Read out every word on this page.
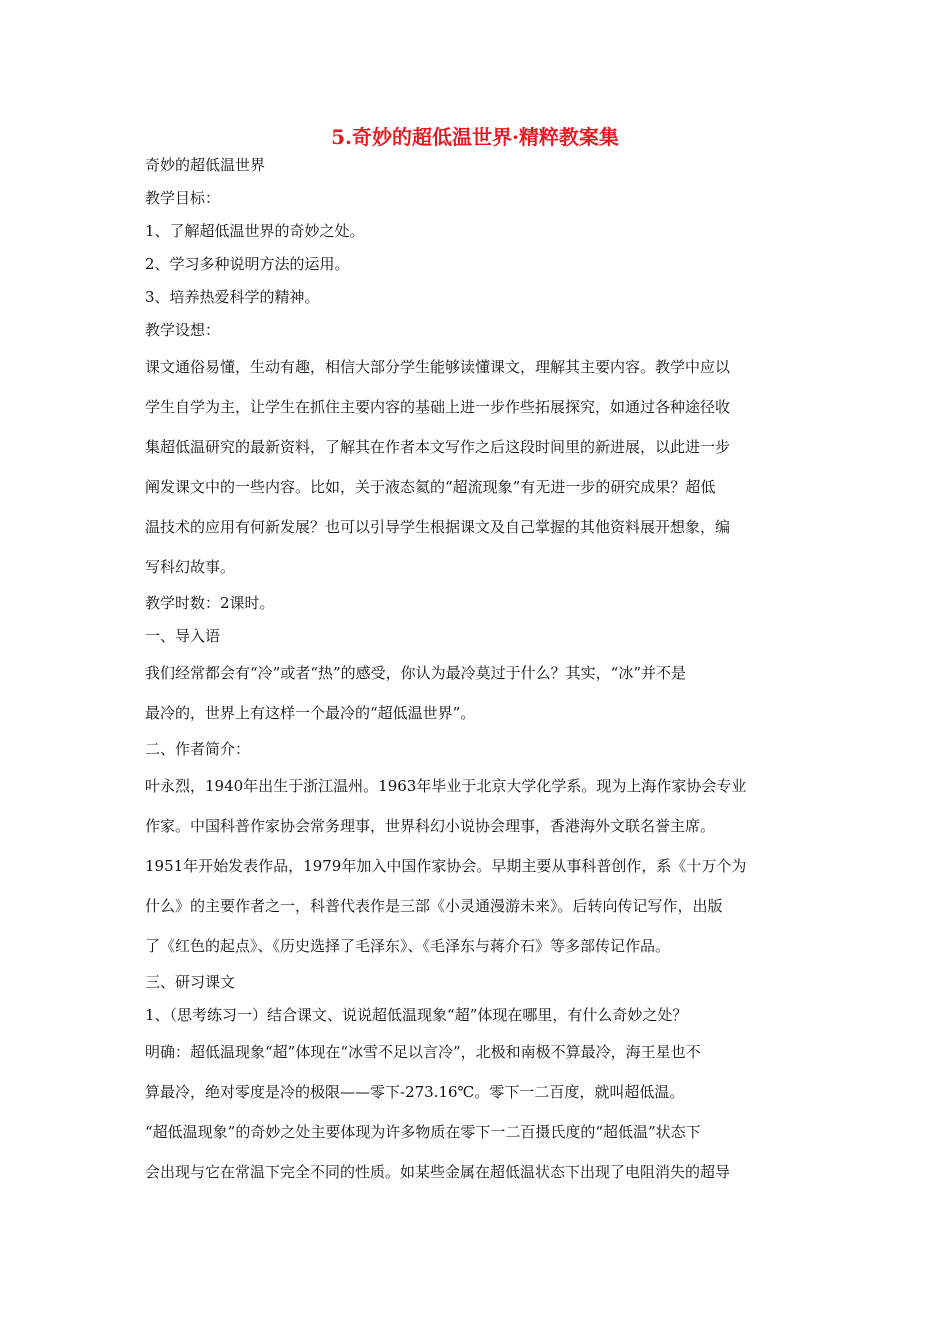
5.奇妙的超低温世界·精粹教案集

奇妙的超低温世界

教学目标：

1、了解超低温世界的奇妙之处。

2、学习多种说明方法的运用。

3、培养热爱科学的精神。

教学设想：

课文通俗易懂，生动有趣，相信大部分学生能够读懂课文，理解其主要内容。教学中应以

学生自学为主，让学生在抓住主要内容的基础上进一步作些拓展探究，如通过各种途径收

集超低温研究的最新资料，了解其在作者本文写作之后这段时间里的新进展，以此进一步

阐发课文中的一些内容。比如，关于液态氦的“超流现象”有无进一步的研究成果？超低

温技术的应用有何新发展？也可以引导学生根据课文及自己掌握的其他资料展开想象，编

写科幻故事。

教学时数：2课时。

一、导入语

我们经常都会有“冷”或者“热”的感受，你认为最冷莫过于什么？其实，“冰”并不是

最冷的，世界上有这样一个最冷的“超低温世界”。

二、作者简介：

叶永烈，1940年出生于浙江温州。1963年毕业于北京大学化学系。现为上海作家协会专业

作家。中国科普作家协会常务理事，世界科幻小说协会理事，香港海外文联名誉主席。

1951年开始发表作品，1979年加入中国作家协会。早期主要从事科普创作，系《十万个为

什么》的主要作者之一，科普代表作是三部《小灵通漫游未来》。后转向传记写作，出版

了《红色的起点》、《历史选择了毛泽东》、《毛泽东与蒋介石》等多部传记作品。

三、研习课文

1、（思考练习一）结合课文、说说超低温现象“超”体现在哪里，有什么奇妙之处？

明确：超低温现象“超”体现在“冰雪不足以言冷”，北极和南极不算最冷，海王星也不

算最冷，绝对零度是冷的极限——零下-273.16℃。零下一二百度，就叫超低温。

“超低温现象”的奇妙之处主要体现为许多物质在零下一二百摄氏度的“超低温”状态下

会出现与它在常温下完全不同的性质。如某些金属在超低温状态下出现了电阻消失的超导
